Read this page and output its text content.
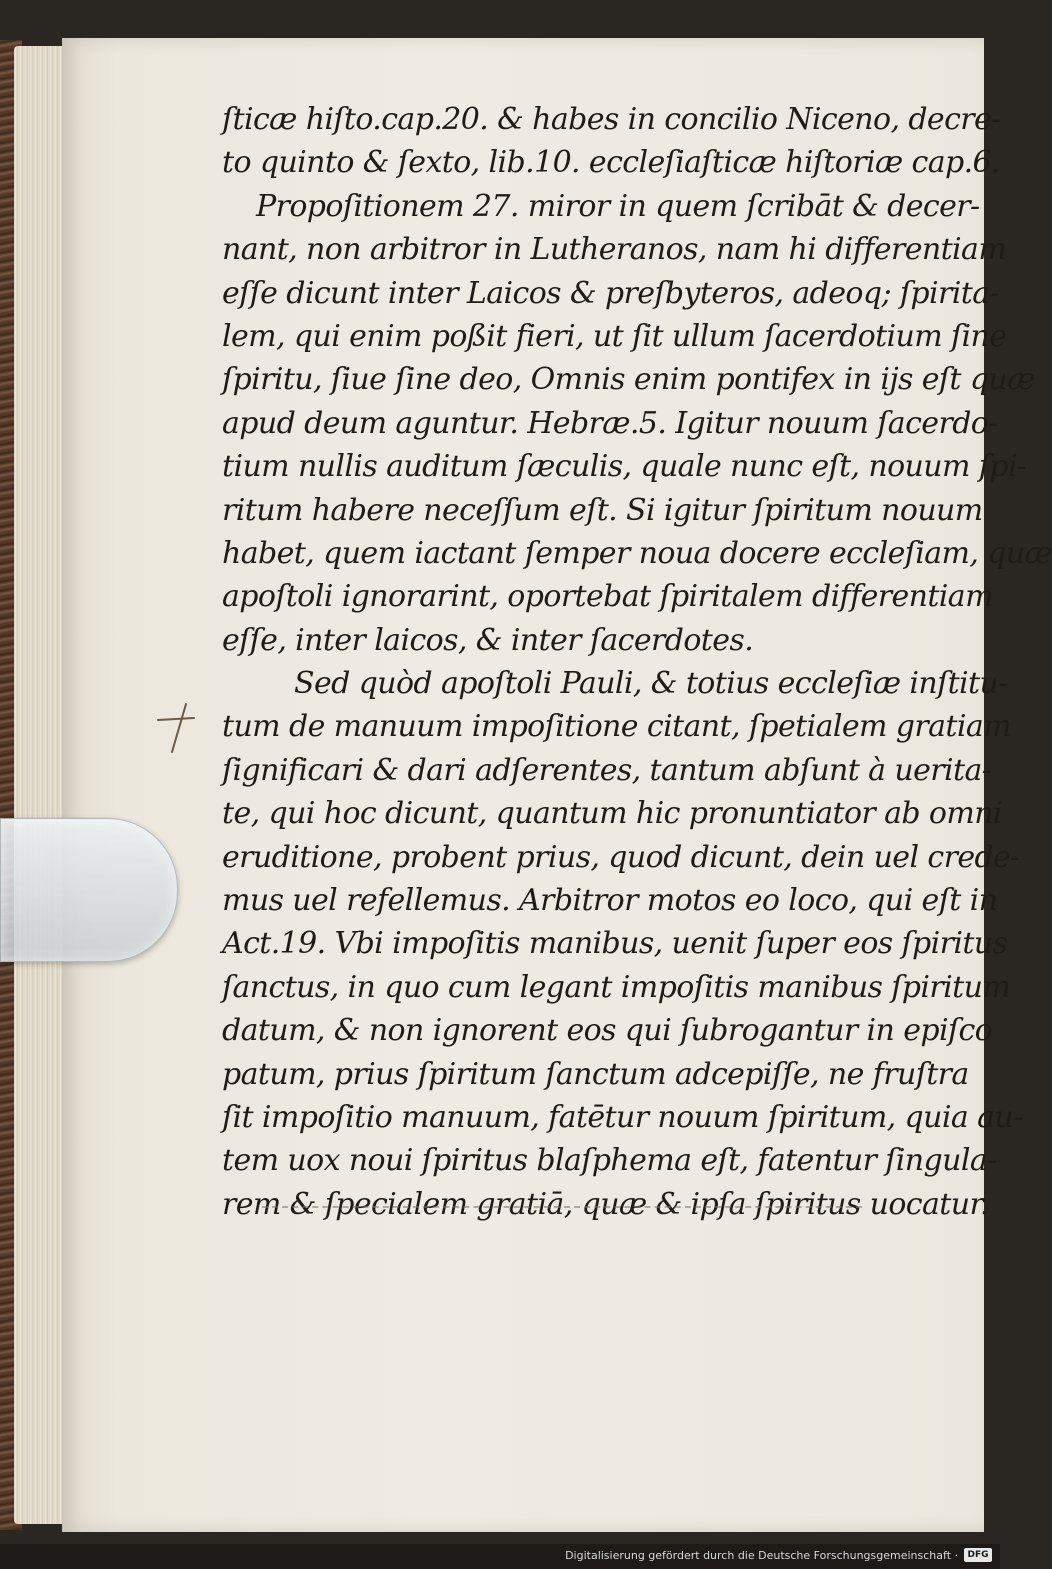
ſticæ hiſto.cap.20. & habes in concilio Niceno, decre-
to quinto & ſexto, lib.10. eccleſiaſticæ hiſtoriæ cap.6.
Propoſitionem 27. miror in quem ſcribāt & decer-
nant, non arbitror in Lutheranos, nam hi differentiam
eſſe dicunt inter Laicos & preſbyteros, adeoq; ſpirita-
lem, qui enim poßit fieri, ut ſit ullum ſacerdotium ſine
ſpiritu, ſiue ſine deo, Omnis enim pontifex in ijs eſt quæ
apud deum aguntur. Hebræ.5. Igitur nouum ſacerdo-
tium nullis auditum ſæculis, quale nunc eſt, nouum ſpi-
ritum habere neceſſum eſt. Si igitur ſpiritum nouum
habet, quem iactant ſemper noua docere eccleſiam, quæ
apoſtoli ignorarint, oportebat ſpiritalem differentiam
eſſe, inter laicos, & inter ſacerdotes.
Sed quòd apoſtoli Pauli, & totius eccleſiæ inſtitu-
tum de manuum impoſitione citant, ſpetialem gratiam
ſignificari & dari adſerentes, tantum abſunt à uerita-
te, qui hoc dicunt, quantum hic pronuntiator ab omni
eruditione, probent prius, quod dicunt, dein uel crede-
mus uel refellemus. Arbitror motos eo loco, qui eſt in
Act.19. Vbi impoſitis manibus, uenit ſuper eos ſpiritus
ſanctus, in quo cum legant impoſitis manibus ſpiritum
datum, & non ignorent eos qui ſubrogantur in epiſco
patum, prius ſpiritum ſanctum adcepiſſe, ne fruſtra
ſit impoſitio manuum, fatētur nouum ſpiritum, quia au-
tem uox noui ſpiritus blaſphema eſt, fatentur ſingula-
rem & ſpecialem gratiā, quæ & ipſa ſpiritus uocatur.
Digitalisierung gefördert durch die Deutsche Forschungsgemeinschaft ·	DFG
